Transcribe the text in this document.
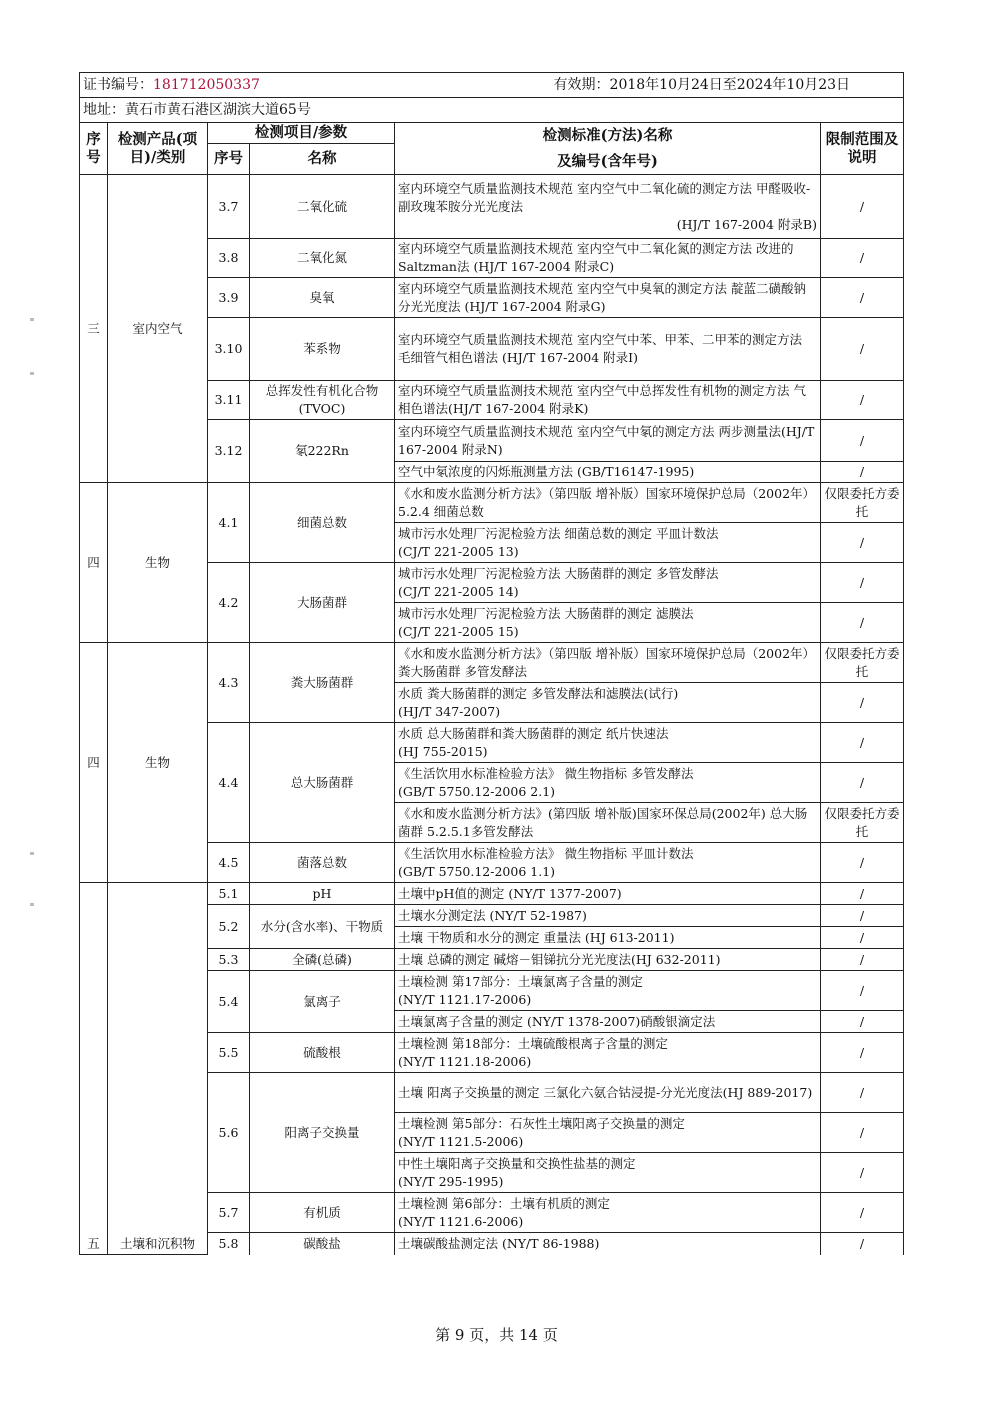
证书编号：181712050337 有效期：2018年10月24日至2024年10月23日					

地址：黄石市黄石港区湖滨大道65号					
序号	检测产品(项目)/类别	检测项目/参数		检测标准(方法)名称
及编号(含年号)	限制范围及说明
		序号	名称		
三	室内空气	3.7	二氧化硫	室内环境空气质量监测技术规范 室内空气中二氧化硫的测定方法 甲醛吸收-副玫瑰苯胺分光光度法
(HJ/T 167-2004 附录B)	/
		3.8	二氧化氮	室内环境空气质量监测技术规范 室内空气中二氧化氮的测定方法 改进的Saltzman法 (HJ/T 167-2004 附录C)	/
		3.9	臭氧	室内环境空气质量监测技术规范 室内空气中臭氧的测定方法 靛蓝二磺酸钠分光光度法 (HJ/T 167-2004 附录G)	/
		3.10	苯系物	室内环境空气质量监测技术规范 室内空气中苯、甲苯、二甲苯的测定方法 毛细管气相色谱法 (HJ/T 167-2004 附录I)	/
		3.11	总挥发性有机化合物(TVOC)	室内环境空气质量监测技术规范 室内空气中总挥发性有机物的测定方法 气相色谱法(HJ/T 167-2004 附录K)	/
		3.12	氡222Rn	室内环境空气质量监测技术规范 室内空气中氡的测定方法 两步测量法(HJ/T 167-2004 附录N)	/
				空气中氡浓度的闪烁瓶测量方法 (GB/T16147-1995)	/
四	生物	4.1	细菌总数	《水和废水监测分析方法》（第四版 增补版）国家环境保护总局（2002年）5.2.4 细菌总数	仅限委托方委托

				城市污水处理厂污泥检验方法 细菌总数的测定 平皿计数法
(CJ/T 221-2005 13)	/
		4.2	大肠菌群	城市污水处理厂污泥检验方法 大肠菌群的测定 多管发酵法
(CJ/T 221-2005 14)	/

				城市污水处理厂污泥检验方法 大肠菌群的测定 滤膜法
(CJ/T 221-2005 15)	/
四	生物	4.3	粪大肠菌群	《水和废水监测分析方法》（第四版 增补版）国家环境保护总局（2002年）粪大肠菌群 多管发酵法	仅限委托方委托

				水质 粪大肠菌群的测定 多管发酵法和滤膜法(试行)
(HJ/T 347-2007)	/
		4.4	总大肠菌群	水质 总大肠菌群和粪大肠菌群的测定 纸片快速法
(HJ 755-2015)	/

				《生活饮用水标准检验方法》 微生物指标 多管发酵法
(GB/T 5750.12-2006 2.1)	/
				《水和废水监测分析方法》(第四版 增补版)国家环保总局(2002年) 总大肠菌群 5.2.5.1多管发酵法	仅限委托方委托
		4.5	菌落总数	《生活饮用水标准检验方法》 微生物指标 平皿计数法
(GB/T 5750.12-2006 1.1)	/
五	土壤和沉积物	5.1	pH	土壤中pH值的测定 (NY/T 1377-2007)	/
		5.2	水分(含水率)、干物质	土壤水分测定法 (NY/T 52-1987)	/
				土壤 干物质和水分的测定 重量法 (HJ 613-2011)	/
		5.3	全磷(总磷)	土壤 总磷的测定 碱熔－钼锑抗分光光度法(HJ 632-2011)	/
		5.4	氯离子	土壤检测 第17部分：土壤氯离子含量的测定
(NY/T 1121.17-2006)	/
				土壤氯离子含量的测定 (NY/T 1378-2007)硝酸银滴定法	/
		5.5	硫酸根	土壤检测 第18部分：土壤硫酸根离子含量的测定
(NY/T 1121.18-2006)	/
		5.6	阳离子交换量	土壤 阳离子交换量的测定 三氯化六氨合钴浸提-分光光度法(HJ 889-2017)	/

				土壤检测 第5部分：石灰性土壤阳离子交换量的测定
(NY/T 1121.5-2006)	/

				中性土壤阳离子交换量和交换性盐基的测定
(NY/T 295-1995)	/
		5.7	有机质	土壤检测 第6部分：土壤有机质的测定
(NY/T 1121.6-2006)	/
		5.8	碳酸盐	土壤碳酸盐测定法 (NY/T 86-1988)	/
第 9 页，共 14 页
